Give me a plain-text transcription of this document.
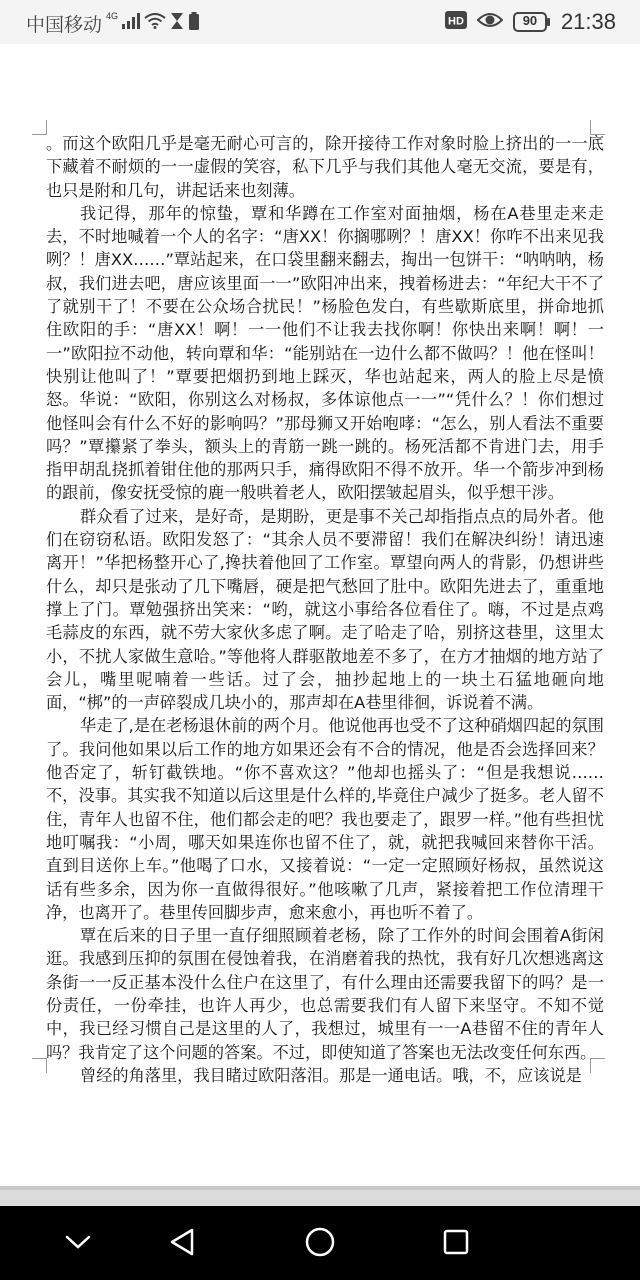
中国移动 4G	HD	90	21:38

。而这个欧阳几乎是毫无耐心可言的，除开接待工作对象时脸上挤出的一一底下藏着不耐烦的一一虚假的笑容，私下几乎与我们其他人毫无交流，要是有，也只是附和几句，讲起话来也刻薄。

我记得，那年的惊蛰，覃和华蹲在工作室对面抽烟，杨在A巷里走来走去，不时地喊着一个人的名字：“唐XX！你搁哪咧？！唐XX！你咋不出来见我咧？！唐XX……”覃站起来，在口袋里翻来翻去，掏出一包饼干：“呐呐呐，杨叔，我们进去吧，唐应该里面一一”欧阳冲出来，拽着杨进去：“年纪大干不了了就别干了！不要在公众场合扰民！”杨脸色发白，有些歇斯底里，拼命地抓住欧阳的手：“唐XX！啊！一一他们不让我去找你啊！你快出来啊！啊！一一”欧阳拉不动他，转向覃和华：“能别站在一边什么都不做吗？！他在怪叫！快别让他叫了！”覃要把烟扔到地上踩灭，华也站起来，两人的脸上尽是愤怒。华说：“欧阳，你别这么对杨叔，多体谅他点一一”“凭什么？！你们想过他怪叫会有什么不好的影响吗？”那母狮又开始咆哮：“怎么，别人看法不重要吗？”覃攥紧了拳头，额头上的青筋一跳一跳的。杨死活都不肯进门去，用手指甲胡乱挠抓着钳住他的那两只手，痛得欧阳不得不放开。华一个箭步冲到杨的跟前，像安抚受惊的鹿一般哄着老人，欧阳摆皱起眉头，似乎想干涉。

群众看了过来，是好奇，是期盼，更是事不关己却指指点点的局外者。他们在窃窃私语。欧阳发怒了：“其余人员不要滞留！我们在解决纠纷！请迅速离开！”华把杨整开心了,搀扶着他回了工作室。覃望向两人的背影，仍想讲些什么，却只是张动了几下嘴唇，硬是把气愁回了肚中。欧阳先进去了，重重地撑上了门。覃勉强挤出笑来：“哟，就这小事给各位看住了。嗨，不过是点鸡毛蒜皮的东西，就不劳大家伙多虑了啊。走了哈走了哈，别挤这巷里，这里太小，不扰人家做生意哈。”等他将人群驱散地差不多了，在方才抽烟的地方站了会儿，嘴里呢喃着一些话。过了会，抽抄起地上的一块土石猛地砸向地面，“梆”的一声碎裂成几块小的，那声却在A巷里徘徊，诉说着不满。

华走了,是在老杨退休前的两个月。他说他再也受不了这种硝烟四起的氛围了。我问他如果以后工作的地方如果还会有不合的情况，他是否会选择回来？他否定了，斩钉截铁地。“你不喜欢这？”他却也摇头了：“但是我想说……不，没事。其实我不知道以后这里是什么样的,毕竟住户减少了挺多。老人留不住，青年人也留不住，他们都会走的吧？我也要走了，跟罗一样。”他有些担忧地叮嘱我：“小周，哪天如果连你也留不住了，就，就把我喊回来替你干活。直到目送你上车。”他喝了口水，又接着说：“一定一定照顾好杨叔，虽然说这话有些多余，因为你一直做得很好。”他咳嗽了几声，紧接着把工作位清理干净，也离开了。巷里传回脚步声，愈来愈小，再也听不着了。

覃在后来的日子里一直仔细照顾着老杨，除了工作外的时间会围着A街闲逛。我感到压抑的氛围在侵蚀着我，在消磨着我的热忱，我有好几次想逃离这条街一一反正基本没什么住户在这里了，有什么理由还需要我留下的吗？是一份责任，一份牵挂，也许人再少，也总需要我们有人留下来坚守。不知不觉中，我已经习惯自己是这里的人了，我想过，城里有一一A巷留不住的青年人吗？我肯定了这个问题的答案。不过，即使知道了答案也无法改变任何东西。

曾经的角落里，我目睹过欧阳落泪。那是一通电话。哦，不，应该说是
